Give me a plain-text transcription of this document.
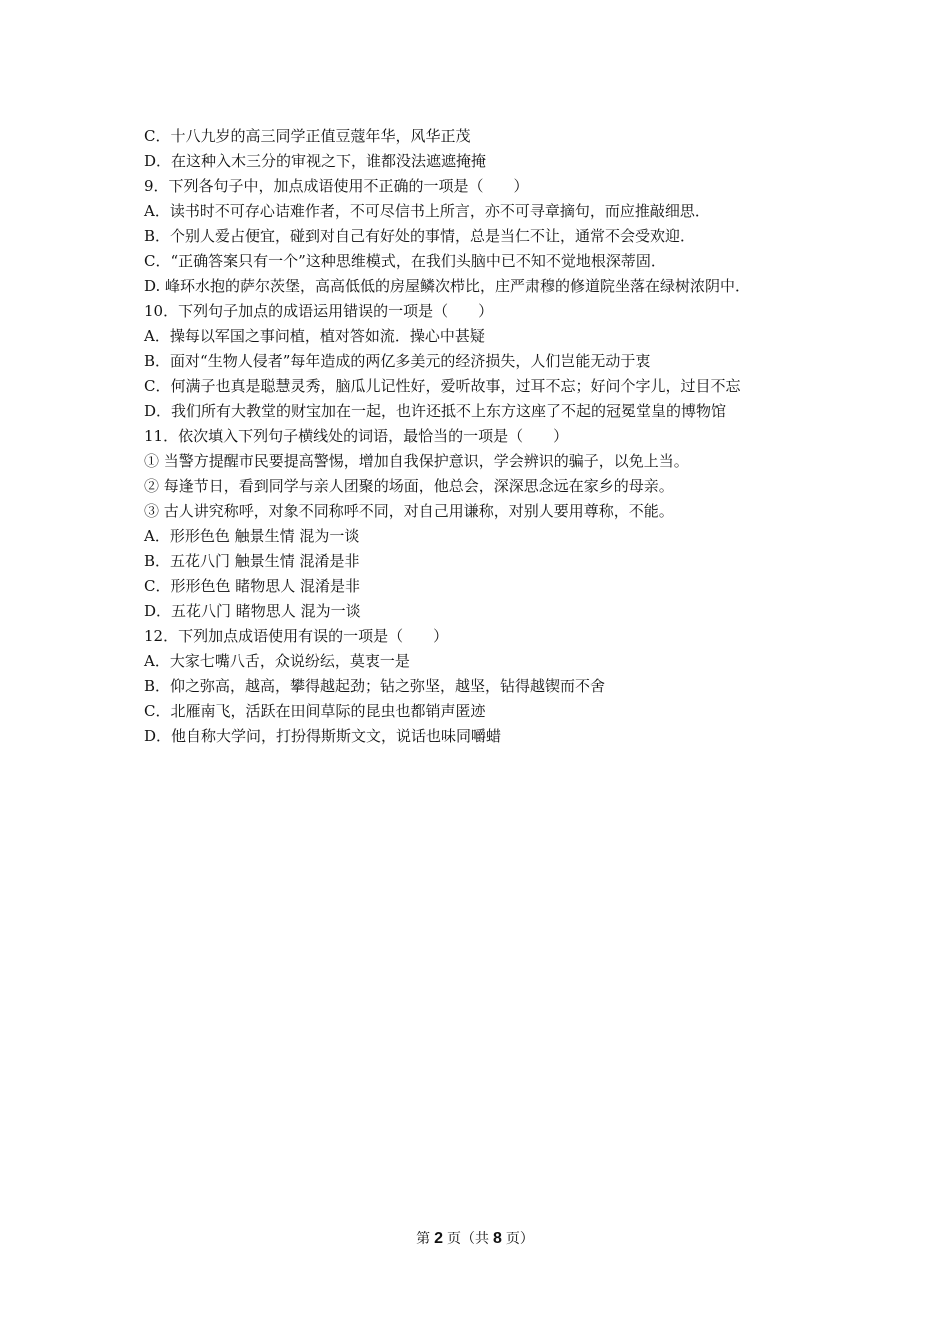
C．十八九岁的高三同学正值豆蔻年华，风华正茂
D．在这种入木三分的审视之下，谁都没法遮遮掩掩
9．下列各句子中，加点成语使用不正确的一项是（　　）
A．读书时不可存心诘难作者，不可尽信书上所言，亦不可寻章摘句，而应推敲细思．
B．个别人爱占便宜，碰到对自己有好处的事情，总是当仁不让，通常不会受欢迎．
C．“正确答案只有一个”这种思维模式，在我们头脑中已不知不觉地根深蒂固．
D. 峰环水抱的萨尔茨堡，高高低低的房屋鳞次栉比，庄严肃穆的修道院坐落在绿树浓阴中．
10．下列句子加点的成语运用错误的一项是（　　）
A．操每以军国之事问植，植对答如流．操心中甚疑
B．面对“生物人侵者”每年造成的两亿多美元的经济损失，人们岂能无动于衷
C．何满子也真是聪慧灵秀，脑瓜儿记性好，爱听故事，过耳不忘；好问个字儿，过目不忘
D．我们所有大教堂的财宝加在一起，也许还抵不上东方这座了不起的冠冕堂皇的博物馆
11．依次填入下列句子横线处的词语，最恰当的一项是（　　）
① 当警方提醒市民要提高警惕，增加自我保护意识，学会辨识的骗子，以免上当。
② 每逢节日，看到同学与亲人团聚的场面，他总会，深深思念远在家乡的母亲。
③ 古人讲究称呼，对象不同称呼不同，对自己用谦称，对别人要用尊称，不能。
A．形形色色 触景生情 混为一谈
B．五花八门 触景生情 混淆是非
C．形形色色 睹物思人 混淆是非
D．五花八门 睹物思人 混为一谈
12．下列加点成语使用有误的一项是（　　）
A．大家七嘴八舌，众说纷纭，莫衷一是
B．仰之弥高，越高，攀得越起劲；钻之弥坚，越坚，钻得越锲而不舍
C．北雁南飞，活跃在田间草际的昆虫也都销声匿迹
D．他自称大学问，打扮得斯斯文文，说话也味同嚼蜡
第 2 页（共 8 页）
